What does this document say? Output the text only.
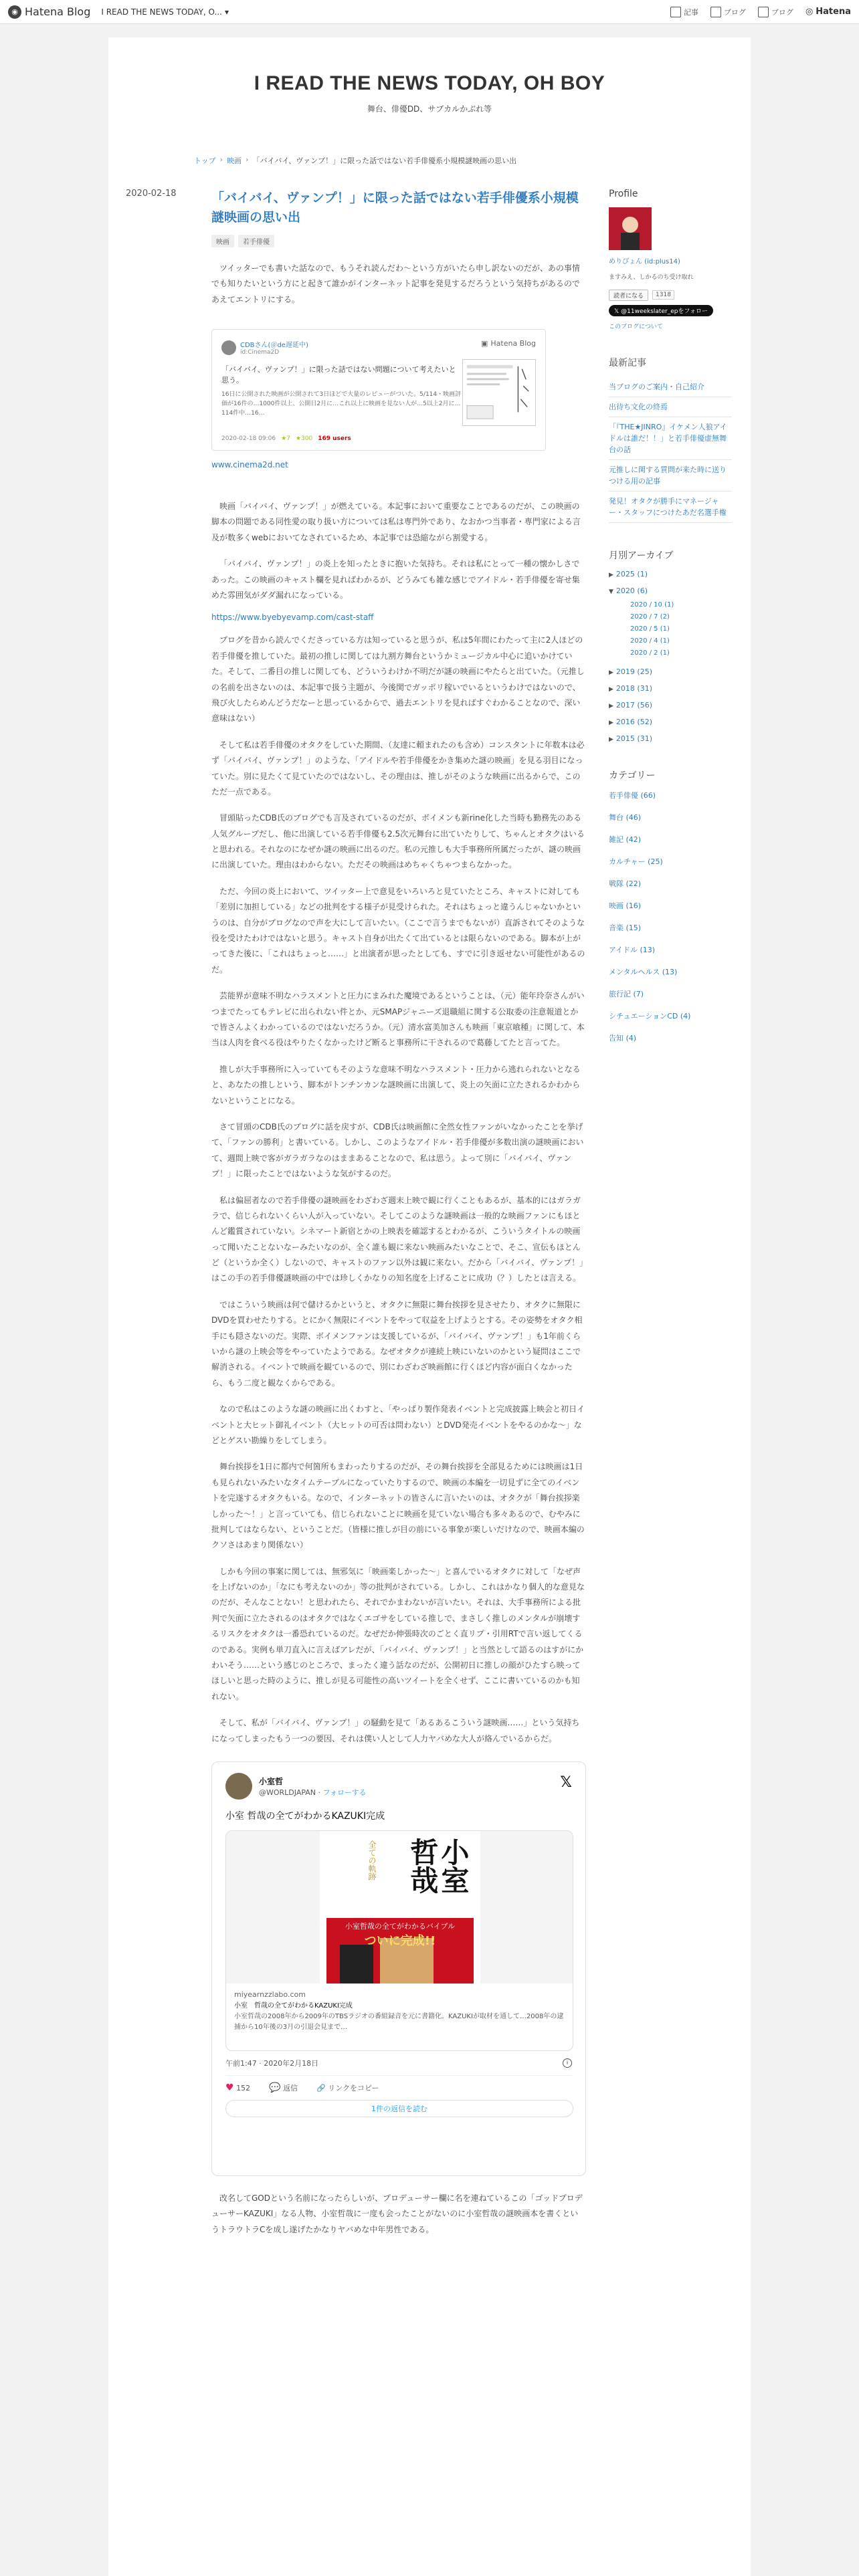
◉ Hatena Blog I READ THE NEWS TODAY, O... ▾	記事	ブログ	ブログ ◎ Hatena
I READ THE NEWS TODAY, OH BOY
舞台、俳優DD、サブカルかぶれ等
トップ › 映画 › 「バイバイ、ヴァンプ！」に限った話ではない若手俳優系小規模謎映画の思い出
2020-02-18	「バイバイ、ヴァンプ！」に限った話ではない若手俳優系小規模謎映画の思い出
映画	若手俳優
ツイッターでも書いた話なので、もうそれ読んだわ〜という方がいたら申し訳ないのだが、あの事情でも知りたいという方にと起きて誰かがインターネット記事を発見するだろうという気持ちがあるのであえてエントリにする。
CDBさん(＠de遅延中)
id:Cinema2D
▣ Hatena Blog
「バイバイ、ヴァンプ！」に限った話ではない問題について考えたいと思う。
16日に公開された映画が公開されて3日ほどで大量のレビューがついた。5/114・映画評価が16件の…1000件以上、公開日2月に…これ以上に映画を見ない人が…5以上2月に…114件中…16…
2020-02-18 09:06 ★7 ★300 169 users
www.cinema2d.net
映画「バイバイ、ヴァンプ！」が燃えている。本記事において重要なことであるのだが、この映画の脚本の問題である同性愛の取り扱い方については私は専門外であり、なおかつ当事者・専門家による言及が数多くwebにおいてなされているため、本記事では恐縮ながら割愛する。
「バイバイ、ヴァンプ！」の炎上を知ったときに抱いた気持ち。それは私にとって一種の懐かしさであった。この映画のキャスト欄を見ればわかるが、どうみても雑な感じでアイドル・若手俳優を寄せ集めた雰囲気がダダ漏れになっている。
https://www.byebyevamp.com/cast-staff
ブログを昔から読んでくださっている方は知っていると思うが、私は5年間にわたって主に2人ほどの若手俳優を推していた。最初の推しに関しては九割方舞台というかミュージカル中心に追いかけていた。そして、二番目の推しに関しても、どういうわけか不明だが謎の映画にやたらと出ていた。（元推しの名前を出さないのは、本記事で扱う主題が、今後関でガッポリ稼いでいるというわけではないので、飛び火したらめんどうだなーと思っているからで、過去エントリを見ればすぐわかることなので、深い意味はない）
そして私は若手俳優のオタクをしていた期間、（友達に頼まれたのも含め）コンスタントに年数本は必ず「バイバイ、ヴァンプ！」のような、「アイドルや若手俳優をかき集めた謎の映画」を見る羽目になっていた。別に見たくて見ていたのではないし、その理由は、推しがそのような映画に出るからで、このただ一点である。
冒頭貼ったCDB氏のブログでも言及されているのだが、ボイメンも新rine化した当時も勤務先のある人気グループだし、他に出演している若手俳優も2.5次元舞台に出ていたりして、ちゃんとオタクはいると思われる。それなのになぜか謎の映画に出るのだ。私の元推しも大手事務所所属だったが、謎の映画に出演していた。理由はわからない。ただその映画はめちゃくちゃつまらなかった。
ただ、今回の炎上において、ツイッター上で意見をいろいろと見ていたところ、キャストに対しても「差別に加担している」などの批判をする様子が見受けられた。それはちょっと違うんじゃないかというのは、自分がブログなので声を大にして言いたい。（ここで言うまでもないが）直訴されてそのような役を受けたわけではないと思う。キャスト自身が出たくて出ているとは限らないのである。脚本が上がってきた後に、「これはちょっと……」と出演者が思ったとしても、すでに引き返せない可能性があるのだ。
芸能界が意味不明なハラスメントと圧力にまみれた魔境であるということは、（元）能年玲奈さんがいつまでたってもテレビに出られない件とか、元SMAPジャニーズ退職組に関する公取委の注意報道とかで皆さんよくわかっているのではないだろうか。（元）清水富美加さんも映画「東京喰種」に関して、本当は人肉を食べる役はやりたくなかったけど断ると事務所に干されるので葛藤してたと言ってた。
推しが大手事務所に入っていてもそのような意味不明なハラスメント・圧力から逃れられないとなると、あなたの推しという、脚本がトンチンカンな謎映画に出演して、炎上の矢面に立たされるかわからないということになる。
さて冒頭のCDB氏のブログに話を戻すが、CDB氏は映画館に全然女性ファンがいなかったことを挙げて、「ファンの勝利」と書いている。しかし、このようなアイドル・若手俳優が多数出演の謎映画において、週間上映で客がガラガラなのはままあることなので、私は思う。よって別に「バイバイ、ヴァンプ！」に限ったことではないような気がするのだ。
私は偏屈者なので若手俳優の謎映画をわざわざ週末上映で観に行くこともあるが、基本的にはガラガラで、信じられないくらい人が入っていない。そしてこのような謎映画は一般的な映画ファンにもほとんど鑑賞されていない。シネマート新宿とかの上映表を確認するとわかるが、こういうタイトルの映画って聞いたことないなーみたいなのが、全く誰も観に来ない映画みたいなことで、そこ、宣伝もほとんど（というか全く）しないので、キャストのファン以外は観に来ない。だから「バイバイ、ヴァンプ！」はこの手の若手俳優謎映画の中では珍しくかなりの知名度を上げることに成功（？）したとは言える。
ではこういう映画は何で儲けるかというと、オタクに無限に舞台挨拶を見させたり、オタクに無限にDVDを買わせたりする。とにかく無限にイベントをやって収益を上げようとする。その姿勢をオタク相手にも隠さないのだ。実際、ボイメンファンは支援しているが、「バイバイ、ヴァンプ！」も1年前くらいから謎の上映会等をやっていたようである。なぜオタクが連続上映にいないのかという疑問はここで解消される。イベントで映画を観ているので、別にわざわざ映画館に行くほど内容が面白くなかったら、もう二度と観なくからである。
なので私はこのような謎の映画に出くわすと、「やっぱり製作発表イベントと完成披露上映会と初日イベントと大ヒット御礼イベント（大ヒットの可否は問わない）とDVD発売イベントをやるのかな〜」などとゲスい勘繰りをしてしまう。
舞台挨拶を1日に都内で何箇所もまわったりするのだが、その舞台挨拶を全部見るためには映画は1日も見られないみたいなタイムテーブルになっていたりするので、映画の本編を一切見ずに全てのイベントを完遂するオタクもいる。なので、インターネットの皆さんに言いたいのは、オタクが「舞台挨拶楽しかった〜！」と言っていても、信じられないことに映画を見ていない場合も多々あるので、むやみに批判してはならない、ということだ。（皆様に推しが目の前にいる事象が楽しいだけなので、映画本編のクソさはあまり関係ない）
しかも今回の事案に関しては、無邪気に「映画楽しかった〜」と喜んでいるオタクに対して「なぜ声を上げないのか」「なにも考えないのか」等の批判がされている。しかし、これはかなり個人的な意見なのだが、そんなことない！と思われたら、それでかまわないが言いたい。それは、大手事務所による批判で矢面に立たされるのはオタクではなくエゴサをしている推しで、まさしく推しのメンタルが崩壊するリスクをオタクは一番恐れているのだ。なぜだか伸張時次のごとく直リプ・引用RTで言い返してくるのである。実例も単刀直入に言えばアレだが、「バイバイ、ヴァンプ！」と当然として語るのはすがにかわいそう……という感じのところで、まったく違う話なのだが、公開初日に推しの顔がひたすら映ってほしいと思った時のように、推しが見る可能性の高いツイートを全くせず、ここに書いているのかも知れない。
そして、私が「バイバイ、ヴァンプ！」の騒動を見て「あるあるこういう謎映画……」という気持ちになってしまったもう一つの要因、それは僕い人として人力ヤバめな大人が絡んでいるからだ。
小室哲
@WORLDJAPAN · フォローする
𝕏
小室 哲哉の全てがわかるKAZUKI完成
小室哲哉
全ての軌跡
小室哲哉の全てがわかるバイブル
ついに完成!!
miyearnzzlabo.com
小室　哲哉の全てがわかるKAZUKI完成
小室哲哉の2008年から2009年のTBSラジオの番組録音を元に書籍化。KAZUKIが取材を通して…2008年の逮捕から10年後の3月の引退会見まで…
午前1:47 · 2020年2月18日	i
♥ 152 💬 返信	🔗 リンクをコピー
1件の返信を読む
改名してGODという名前になったらしいが、プロデューサー欄に名を連ねているこの「ゴッドプロデューサーKAZUKI」なる人物、小室哲哉に一度も会ったことがないのに小室哲哉の謎映画本を書くというトラウトラCを成し遂げたかなりヤバめな中年男性である。
Profile
めりぴょん (id:plus14)
ますみえ、しかるのち受け取れ
読者になる	1318
𝕏 @11weekslater_epをフォロー
このブログについて
最新記事
当ブログのご案内・自己紹介
出待ち文化の終焉
「『THE★JINRO』イケメン人狼アイドルは誰だ！！」と若手俳優虚無舞台の話
元推しに関する質問が来た時に送りつける用の記事
発見！オタクが勝手にマネージャー・スタッフにつけたあだ名選手権
月別アーカイブ
▶ 2025 (1)
▼ 2020 (6)
2020 / 10 (1)
2020 / 7 (2)
2020 / 5 (1)
2020 / 4 (1)
2020 / 2 (1)
▶ 2019 (25)
▶ 2018 (31)
▶ 2017 (56)
▶ 2016 (52)
▶ 2015 (31)
カテゴリー
若手俳優 (66)
舞台 (46)
雑記 (42)
カルチャー (25)
戦隊 (22)
映画 (16)
音楽 (15)
アイドル (13)
メンタルヘルス (13)
旅行記 (7)
シチュエーションCD (4)
告知 (4)
